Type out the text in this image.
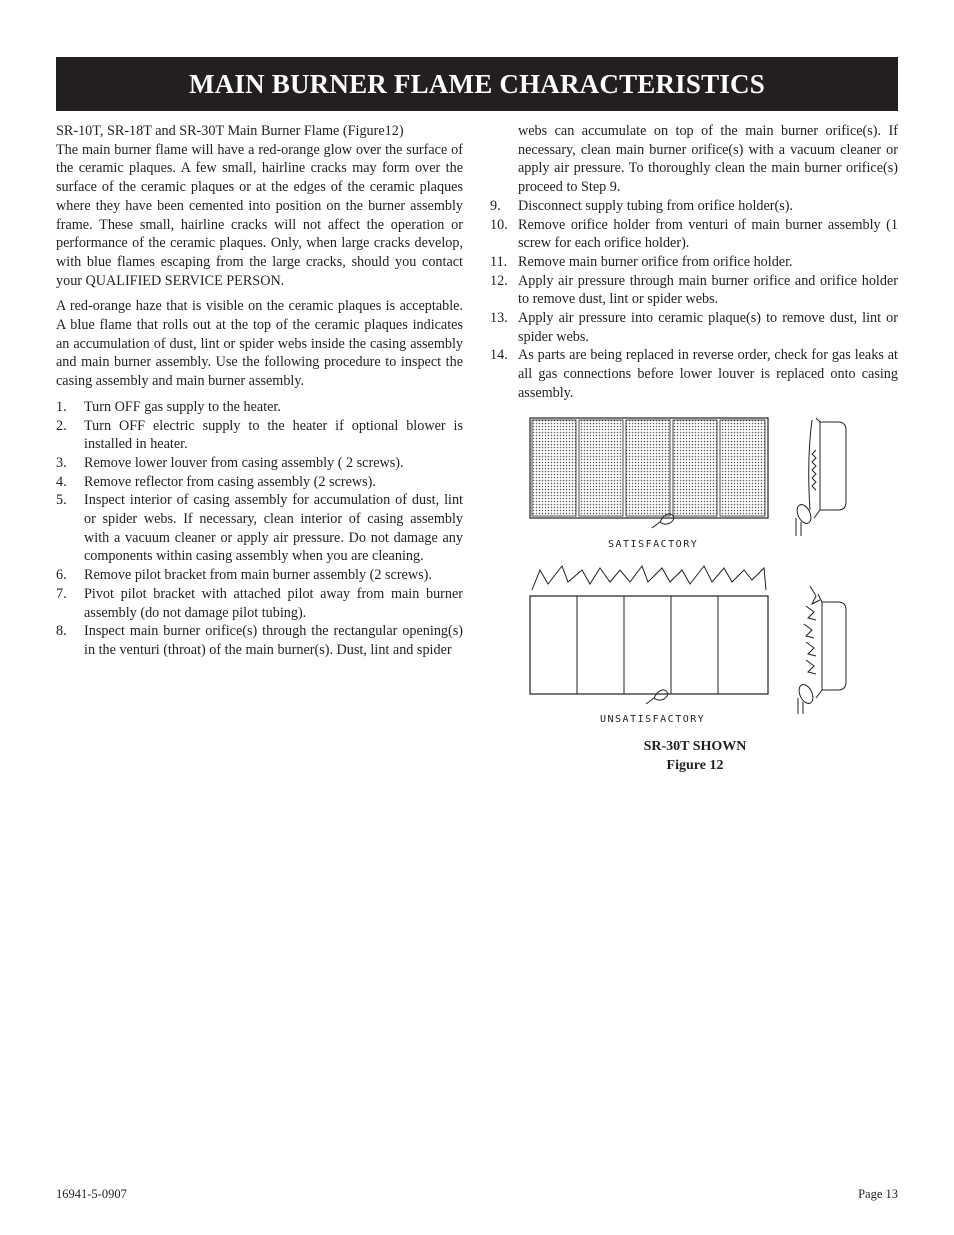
MAIN BURNER FLAME CHARACTERISTICS

SR-10T, SR-18T and SR-30T Main Burner Flame (Figure12)

The main burner flame will have a red-orange glow over the surface of the ceramic plaques. A few small, hairline cracks may form over the surface of the ceramic plaques or at the edges of the ceramic plaques where they have been cemented into position on the burner assembly frame. These small, hairline cracks will not affect the operation or performance of the ceramic plaques. Only, when large cracks develop, with blue flames escaping from the large cracks, should you contact your QUALIFIED SERVICE PERSON.

A red-orange haze that is visible on the ceramic plaques is acceptable. A blue flame that rolls out at the top of the ceramic plaques indicates an accumulation of dust, lint or spider webs inside the casing assembly and main burner assembly. Use the following procedure to inspect the casing assembly and main burner assembly.

1.	Turn OFF gas supply to the heater.
2.	Turn OFF electric supply to the heater if optional blower is installed in heater.
3.	Remove lower louver from casing assembly ( 2 screws).
4.	Remove reflector from casing assembly (2 screws).
5.	Inspect interior of casing assembly for accumulation of dust, lint or spider webs. If necessary, clean interior of casing assembly with a vacuum cleaner or apply air pressure. Do not damage any components within casing assembly when you are cleaning.
6.	Remove pilot bracket from main burner assembly (2 screws).
7.	Pivot pilot bracket with attached pilot away from main burner assembly (do not damage pilot tubing).
8.	Inspect main burner orifice(s) through the rectangular opening(s) in the venturi (throat) of the main burner(s). Dust, lint and spider

webs can accumulate on top of the main burner orifice(s). If necessary, clean main burner orifice(s) with a vacuum cleaner or apply air pressure. To thoroughly clean the main burner orifice(s) proceed to Step 9.

9.	Disconnect supply tubing from orifice holder(s).
10. Remove orifice holder from venturi of main burner assembly (1 screw for each orifice holder).
11. Remove main burner orifice from orifice holder.
12. Apply air pressure through main burner orifice and orifice holder to remove dust, lint or spider webs.
13. Apply air pressure into ceramic plaque(s) to remove dust, lint or spider webs.
14. As parts are being replaced in reverse order, check for gas leaks at all gas connections before lower louver is replaced onto casing assembly.
SATISFACTORY
UNSATISFACTORY
SR-30T SHOWN
Figure 12
16941-5-0907	Page 13
